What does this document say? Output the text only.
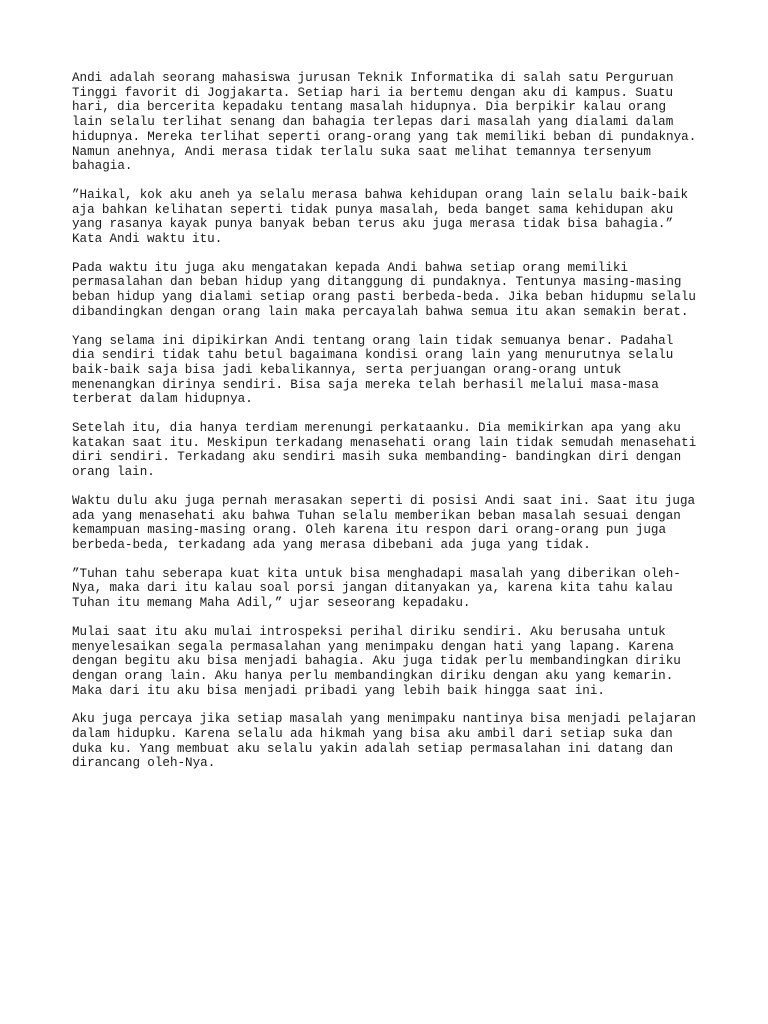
Andi adalah seorang mahasiswa jurusan Teknik Informatika di salah satu Perguruan
Tinggi favorit di Jogjakarta. Setiap hari ia bertemu dengan aku di kampus. Suatu
hari, dia bercerita kepadaku tentang masalah hidupnya. Dia berpikir kalau orang
lain selalu terlihat senang dan bahagia terlepas dari masalah yang dialami dalam
hidupnya. Mereka terlihat seperti orang-orang yang tak memiliki beban di pundaknya.
Namun anehnya, Andi merasa tidak terlalu suka saat melihat temannya tersenyum
bahagia.

”Haikal, kok aku aneh ya selalu merasa bahwa kehidupan orang lain selalu baik-baik
aja bahkan kelihatan seperti tidak punya masalah, beda banget sama kehidupan aku
yang rasanya kayak punya banyak beban terus aku juga merasa tidak bisa bahagia.”
Kata Andi waktu itu.

Pada waktu itu juga aku mengatakan kepada Andi bahwa setiap orang memiliki
permasalahan dan beban hidup yang ditanggung di pundaknya. Tentunya masing-masing
beban hidup yang dialami setiap orang pasti berbeda-beda. Jika beban hidupmu selalu
dibandingkan dengan orang lain maka percayalah bahwa semua itu akan semakin berat.

Yang selama ini dipikirkan Andi tentang orang lain tidak semuanya benar. Padahal
dia sendiri tidak tahu betul bagaimana kondisi orang lain yang menurutnya selalu
baik-baik saja bisa jadi kebalikannya, serta perjuangan orang-orang untuk
menenangkan dirinya sendiri. Bisa saja mereka telah berhasil melalui masa-masa
terberat dalam hidupnya.

Setelah itu, dia hanya terdiam merenungi perkataanku. Dia memikirkan apa yang aku
katakan saat itu. Meskipun terkadang menasehati orang lain tidak semudah menasehati
diri sendiri. Terkadang aku sendiri masih suka membanding- bandingkan diri dengan
orang lain.

Waktu dulu aku juga pernah merasakan seperti di posisi Andi saat ini. Saat itu juga
ada yang menasehati aku bahwa Tuhan selalu memberikan beban masalah sesuai dengan
kemampuan masing-masing orang. Oleh karena itu respon dari orang-orang pun juga
berbeda-beda, terkadang ada yang merasa dibebani ada juga yang tidak.

”Tuhan tahu seberapa kuat kita untuk bisa menghadapi masalah yang diberikan oleh-
Nya, maka dari itu kalau soal porsi jangan ditanyakan ya, karena kita tahu kalau
Tuhan itu memang Maha Adil,” ujar seseorang kepadaku.

Mulai saat itu aku mulai introspeksi perihal diriku sendiri. Aku berusaha untuk
menyelesaikan segala permasalahan yang menimpaku dengan hati yang lapang. Karena
dengan begitu aku bisa menjadi bahagia. Aku juga tidak perlu membandingkan diriku
dengan orang lain. Aku hanya perlu membandingkan diriku dengan aku yang kemarin.
Maka dari itu aku bisa menjadi pribadi yang lebih baik hingga saat ini.

Aku juga percaya jika setiap masalah yang menimpaku nantinya bisa menjadi pelajaran
dalam hidupku. Karena selalu ada hikmah yang bisa aku ambil dari setiap suka dan
duka ku. Yang membuat aku selalu yakin adalah setiap permasalahan ini datang dan
dirancang oleh-Nya.
